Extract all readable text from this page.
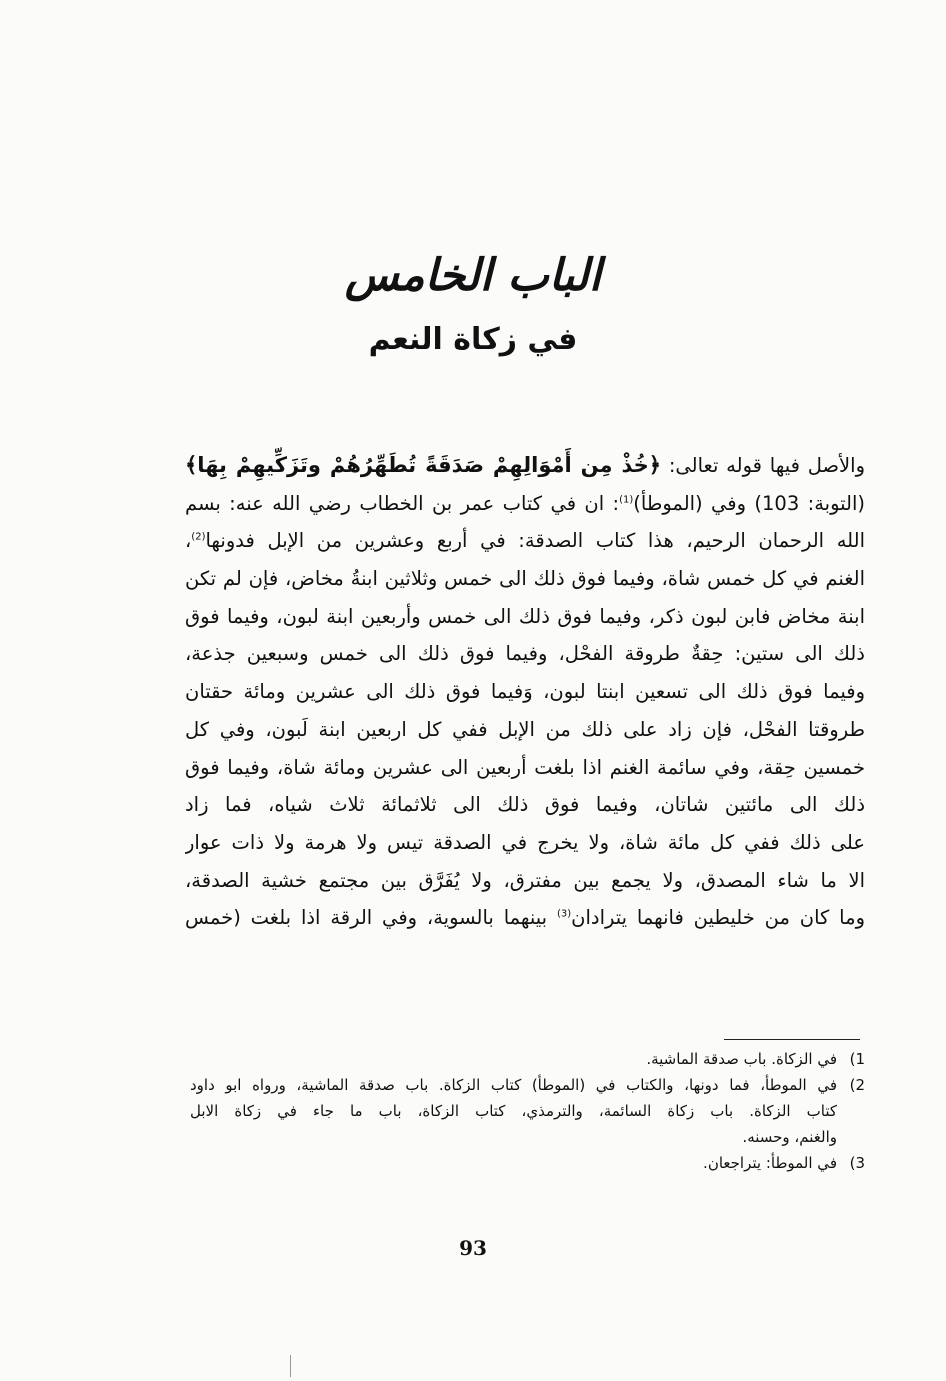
الباب الخامس
في زكاة النعم
والأصل فيها قوله تعالى: ﴿خُذْ مِن أَمْوَالِهِمْ صَدَقَةً تُطَهِّرُهُمْ وتَزَكِّيهِمْ بِهَا﴾
(التوبة: 103) وفي (الموطأ)$^{(1)}$: ان في كتاب عمر بن الخطاب رضي الله عنه: بسم
الله الرحمان الرحيم، هذا كتاب الصدقة: في أربع وعشرين من الإبل فدونها$^{(2)}$،
الغنم في كل خمس شاة، وفيما فوق ذلك الى خمس وثلاثين ابنةُ مخاض، فإن لم تكن
ابنة مخاض فابن لبون ذكر، وفيما فوق ذلك الى خمس وأربعين ابنة لبون، وفيما فوق
ذلك الى ستين: حِقةٌ طروقة الفحْل، وفيما فوق ذلك الى خمس وسبعين جذعة،
وفيما فوق ذلك الى تسعين ابنتا لبون، وَفيما فوق ذلك الى عشرين ومائة حقتان
طروقتا الفحْل، فإن زاد على ذلك من الإبل ففي كل اربعين ابنة لَبون، وفي كل
خمسين حِقة، وفي سائمة الغنم اذا بلغت أربعين الى عشرين ومائة شاة، وفيما فوق
ذلك الى مائتين شاتان، وفيما فوق ذلك الى ثلاثمائة ثلاث شياه، فما زاد
على ذلك ففي كل مائة شاة، ولا يخرج في الصدقة تيس ولا هرمة ولا ذات عوار
الا ما شاء المصدق، ولا يجمع بين مفترق، ولا يُفَرَّق بين مجتمع خشية الصدقة،
وما كان من خليطين فانهما يترادان$^{(3)}$ بينهما بالسوية، وفي الرقة اذا بلغت (خمس
1)في الزكاة. باب صدقة الماشية.
2)في الموطأ، فما دونها، والكتاب في (الموطأ) كتاب الزكاة. باب صدقة الماشية، ورواه ابو داود
كتاب الزكاة. باب زكاة السائمة، والترمذي، كتاب الزكاة، باب ما جاء في زكاة الابل
والغنم، وحسنه.
3)في الموطأ: يتراجعان.
93
